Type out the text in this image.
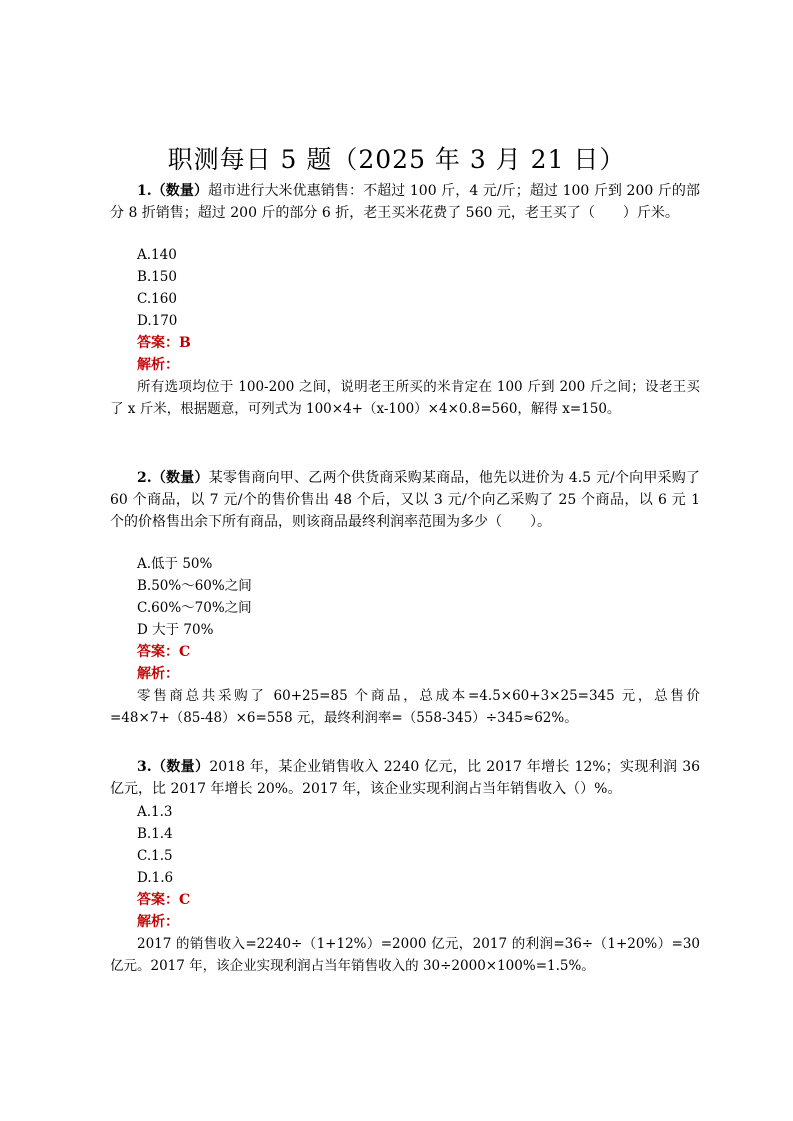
职测每日 5 题（2025 年 3 月 21 日）
1.（数量）超市进行大米优惠销售：不超过 100 斤，4 元/斤；超过 100 斤到 200 斤的部分 8 折销售；超过 200 斤的部分 6 折，老王买米花费了 560 元，老王买了（　　）斤米。
A.140
B.150
C.160
D.170
答案：B
解析：
所有选项均位于 100-200 之间，说明老王所买的米肯定在 100 斤到 200 斤之间；设老王买了 x 斤米，根据题意，可列式为 100×4+（x-100）×4×0.8=560，解得 x=150。
2.（数量）某零售商向甲、乙两个供货商采购某商品，他先以进价为 4.5 元/个向甲采购了 60 个商品，以 7 元/个的售价售出 48 个后，又以 3 元/个向乙采购了 25 个商品，以 6 元 1 个的价格售出余下所有商品，则该商品最终利润率范围为多少（　　）。
A.低于 50%
B.50%～60%之间
C.60%～70%之间
D 大于 70%
答案：C
解析：
零售商总共采购了 60+25=85 个商品，总成本=4.5×60+3×25=345 元，总售价=48×7+（85-48）×6=558 元，最终利润率=（558-345）÷345≈62%。
3.（数量）2018 年，某企业销售收入 2240 亿元，比 2017 年增长 12%；实现利润 36 亿元，比 2017 年增长 20%。2017 年，该企业实现利润占当年销售收入（）%。
A.1.3
B.1.4
C.1.5
D.1.6
答案：C
解析：
2017 的销售收入=2240÷（1+12%）=2000 亿元，2017 的利润=36÷（1+20%）=30 亿元。2017 年，该企业实现利润占当年销售收入的 30÷2000×100%=1.5%。
